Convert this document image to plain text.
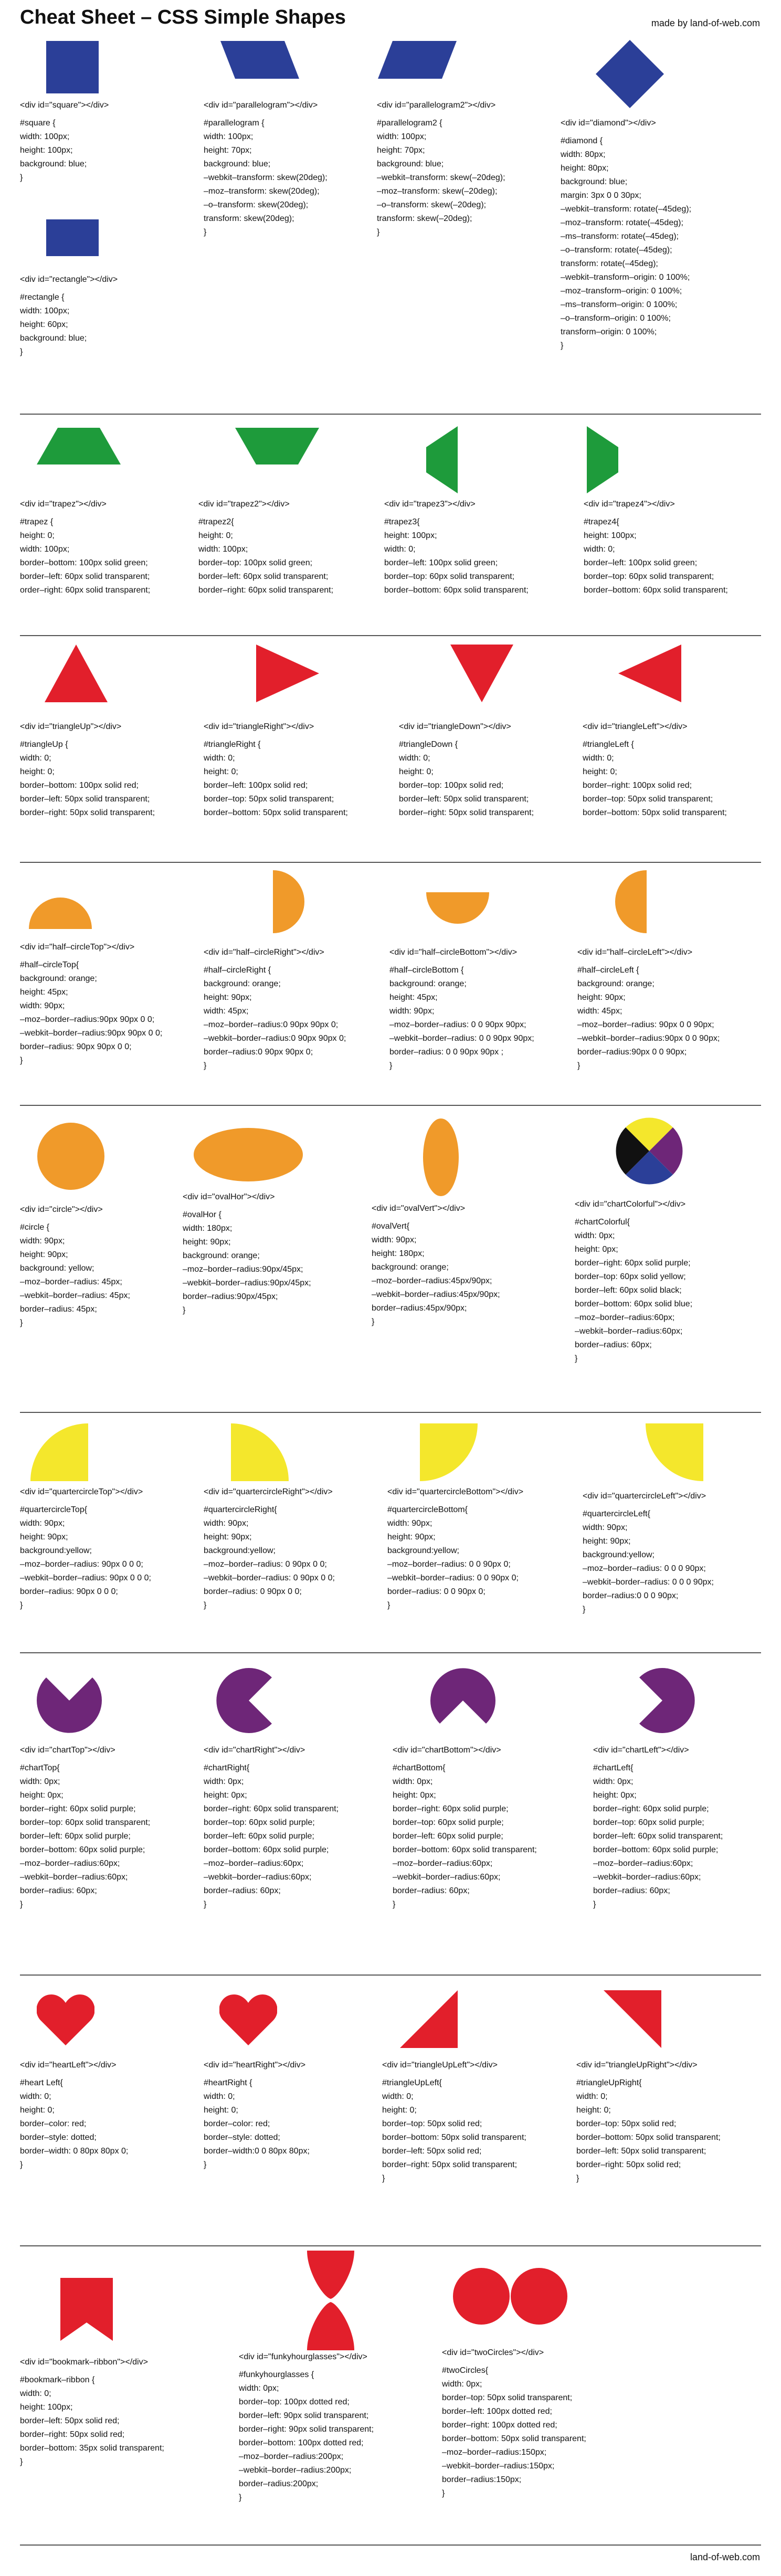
Cheat Sheet – CSS Simple Shapes	made by land-of-web.com
<div id="square"></div>
#square {
width: 100px;
height: 100px;
background: blue;
}
<div id="rectangle"></div>
#rectangle {
width: 100px;
height: 60px;
background: blue;
}
<div id="parallelogram"></div>
#parallelogram {
width: 100px;
height: 70px;
background: blue;
–webkit–transform: skew(20deg);
–moz–transform: skew(20deg);
–o–transform: skew(20deg);
transform: skew(20deg);
}
<div id="parallelogram2"></div>
#parallelogram2 {
width: 100px;
height: 70px;
background: blue;
–webkit–transform: skew(–20deg);
–moz–transform: skew(–20deg);
–o–transform: skew(–20deg);
transform: skew(–20deg);
}
<div id="diamond"></div>
#diamond {
width: 80px;
height: 80px;
background: blue;
margin: 3px 0 0 30px;
–webkit–transform: rotate(–45deg);
–moz–transform: rotate(–45deg);
–ms–transform: rotate(–45deg);
–o–transform: rotate(–45deg);
transform: rotate(–45deg);
–webkit–transform–origin: 0 100%;
–moz–transform–origin: 0 100%;
–ms–transform–origin: 0 100%;
–o–transform–origin: 0 100%;
transform–origin: 0 100%;
}
<div id="trapez"></div>
#trapez {
height: 0;
width: 100px;
border–bottom: 100px solid green;
border–left: 60px solid transparent;
order–right: 60px solid transparent;
<div id="trapez2"></div>
#trapez2{
height: 0;
width: 100px;
border–top: 100px solid green;
border–left: 60px solid transparent;
border–right: 60px solid transparent;
<div id="trapez3"></div>
#trapez3{
height: 100px;
width: 0;
border–left: 100px solid green;
border–top: 60px solid transparent;
border–bottom: 60px solid transparent;
<div id="trapez4"></div>
#trapez4{
height: 100px;
width: 0;
border–left: 100px solid green;
border–top: 60px solid transparent;
border–bottom: 60px solid transparent;
<div id="triangleUp"></div>
#triangleUp {
width: 0;
height: 0;
border–bottom: 100px solid red;
border–left: 50px solid transparent;
border–right: 50px solid transparent;
<div id="triangleRight"></div>
#triangleRight {
width: 0;
height: 0;
border–left: 100px solid red;
border–top: 50px solid transparent;
border–bottom: 50px solid transparent;
<div id="triangleDown"></div>
#triangleDown {
width: 0;
height: 0;
border–top: 100px solid red;
border–left: 50px solid transparent;
border–right: 50px solid transparent;
<div id="triangleLeft"></div>
#triangleLeft {
width: 0;
height: 0;
border–right: 100px solid red;
border–top: 50px solid transparent;
border–bottom: 50px solid transparent;
<div id="half–circleTop"></div>
#half–circleTop{
background: orange;
height: 45px;
width: 90px;
–moz–border–radius:90px 90px 0 0;
–webkit–border–radius:90px 90px 0 0;
border–radius: 90px 90px 0 0;
}
<div id="half–circleRight"></div>
#half–circleRight {
background: orange;
height: 90px;
width: 45px;
–moz–border–radius:0 90px 90px 0;
–webkit–border–radius:0 90px 90px 0;
border–radius:0 90px 90px 0;
}
<div id="half–circleBottom"></div>
#half–circleBottom {
background: orange;
height: 45px;
width: 90px;
–moz–border–radius: 0 0 90px 90px;
–webkit–border–radius: 0 0 90px 90px;
border–radius: 0 0 90px 90px ;
}
<div id="half–circleLeft"></div>
#half–circleLeft {
background: orange;
height: 90px;
width: 45px;
–moz–border–radius: 90px 0 0 90px;
–webkit–border–radius:90px 0 0 90px;
border–radius:90px 0 0 90px;
}
<div id="circle"></div>
#circle {
width: 90px;
height: 90px;
background: yellow;
–moz–border–radius: 45px;
–webkit–border–radius: 45px;
border–radius: 45px;
}
<div id="ovalHor"></div>
#ovalHor {
width: 180px;
height: 90px;
background: orange;
–moz–border–radius:90px/45px;
–webkit–border–radius:90px/45px;
border–radius:90px/45px;
}
<div id="ovalVert"></div>
#ovalVert{
width: 90px;
height: 180px;
background: orange;
–moz–border–radius:45px/90px;
–webkit–border–radius:45px/90px;
border–radius:45px/90px;
}
<div id="chartColorful"></div>
#chartColorful{
width: 0px;
height: 0px;
border–right: 60px solid purple;
border–top: 60px solid yellow;
border–left: 60px solid black;
border–bottom: 60px solid blue;
–moz–border–radius:60px;
–webkit–border–radius:60px;
border–radius: 60px;
}
<div id="quartercircleTop"></div>
#quartercircleTop{
width: 90px;
height: 90px;
background:yellow;
–moz–border–radius: 90px 0 0 0;
–webkit–border–radius: 90px 0 0 0;
border–radius: 90px 0 0 0;
}
<div id="quartercircleRight"></div>
#quartercircleRight{
width: 90px;
height: 90px;
background:yellow;
–moz–border–radius: 0 90px 0 0;
–webkit–border–radius: 0 90px 0 0;
border–radius: 0 90px 0 0;
}
<div id="quartercircleBottom"></div>
#quartercircleBottom{
width: 90px;
height: 90px;
background:yellow;
–moz–border–radius: 0 0 90px 0;
–webkit–border–radius: 0 0 90px 0;
border–radius: 0 0 90px 0;
}
<div id="quartercircleLeft"></div>
#quartercircleLeft{
width: 90px;
height: 90px;
background:yellow;
–moz–border–radius: 0 0 0 90px;
–webkit–border–radius: 0 0 0 90px;
border–radius:0 0 0 90px;
}
<div id="chartTop"></div>
#chartTop{
width: 0px;
height: 0px;
border–right: 60px solid purple;
border–top: 60px solid transparent;
border–left: 60px solid purple;
border–bottom: 60px solid purple;
–moz–border–radius:60px;
–webkit–border–radius:60px;
border–radius: 60px;
}
<div id="chartRight"></div>
#chartRight{
width: 0px;
height: 0px;
border–right: 60px solid transparent;
border–top: 60px solid purple;
border–left: 60px solid purple;
border–bottom: 60px solid purple;
–moz–border–radius:60px;
–webkit–border–radius:60px;
border–radius: 60px;
}
<div id="chartBottom"></div>
#chartBottom{
width: 0px;
height: 0px;
border–right: 60px solid purple;
border–top: 60px solid purple;
border–left: 60px solid purple;
border–bottom: 60px solid transparent;
–moz–border–radius:60px;
–webkit–border–radius:60px;
border–radius: 60px;
}
<div id="chartLeft"></div>
#chartLeft{
width: 0px;
height: 0px;
border–right: 60px solid purple;
border–top: 60px solid purple;
border–left: 60px solid transparent;
border–bottom: 60px solid purple;
–moz–border–radius:60px;
–webkit–border–radius:60px;
border–radius: 60px;
}
<div id="heartLeft"></div>
#heart Left{
width: 0;
height: 0;
border–color: red;
border–style: dotted;
border–width: 0 80px 80px 0;
}
<div id="heartRight"></div>
#heartRight {
width: 0;
height: 0;
border–color: red;
border–style: dotted;
border–width:0 0 80px 80px;
}
<div id="triangleUpLeft"></div>
#triangleUpLeft{
width: 0;
height: 0;
border–top: 50px solid red;
border–bottom: 50px solid transparent;
border–left: 50px solid red;
border–right: 50px solid transparent;
}
<div id="triangleUpRight"></div>
#triangleUpRight{
width: 0;
height: 0;
border–top: 50px solid red;
border–bottom: 50px solid transparent;
border–left: 50px solid transparent;
border–right: 50px solid red;
}
<div id="bookmark–ribbon"></div>
#bookmark–ribbon {
width: 0;
height: 100px;
border–left: 50px solid red;
border–right: 50px solid red;
border–bottom: 35px solid transparent;
}
<div id="funkyhourglasses"></div>
#funkyhourglasses {
width: 0px;
border–top: 100px dotted red;
border–left: 90px solid transparent;
border–right: 90px solid transparent;
border–bottom: 100px dotted red;
–moz–border–radius:200px;
–webkit–border–radius:200px;
border–radius:200px;
}
<div id="twoCircles"></div>
#twoCircles{
width: 0px;
border–top: 50px solid transparent;
border–left: 100px dotted red;
border–right: 100px dotted red;
border–bottom: 50px solid transparent;
–moz–border–radius:150px;
–webkit–border–radius:150px;
border–radius:150px;
}
land-of-web.com
